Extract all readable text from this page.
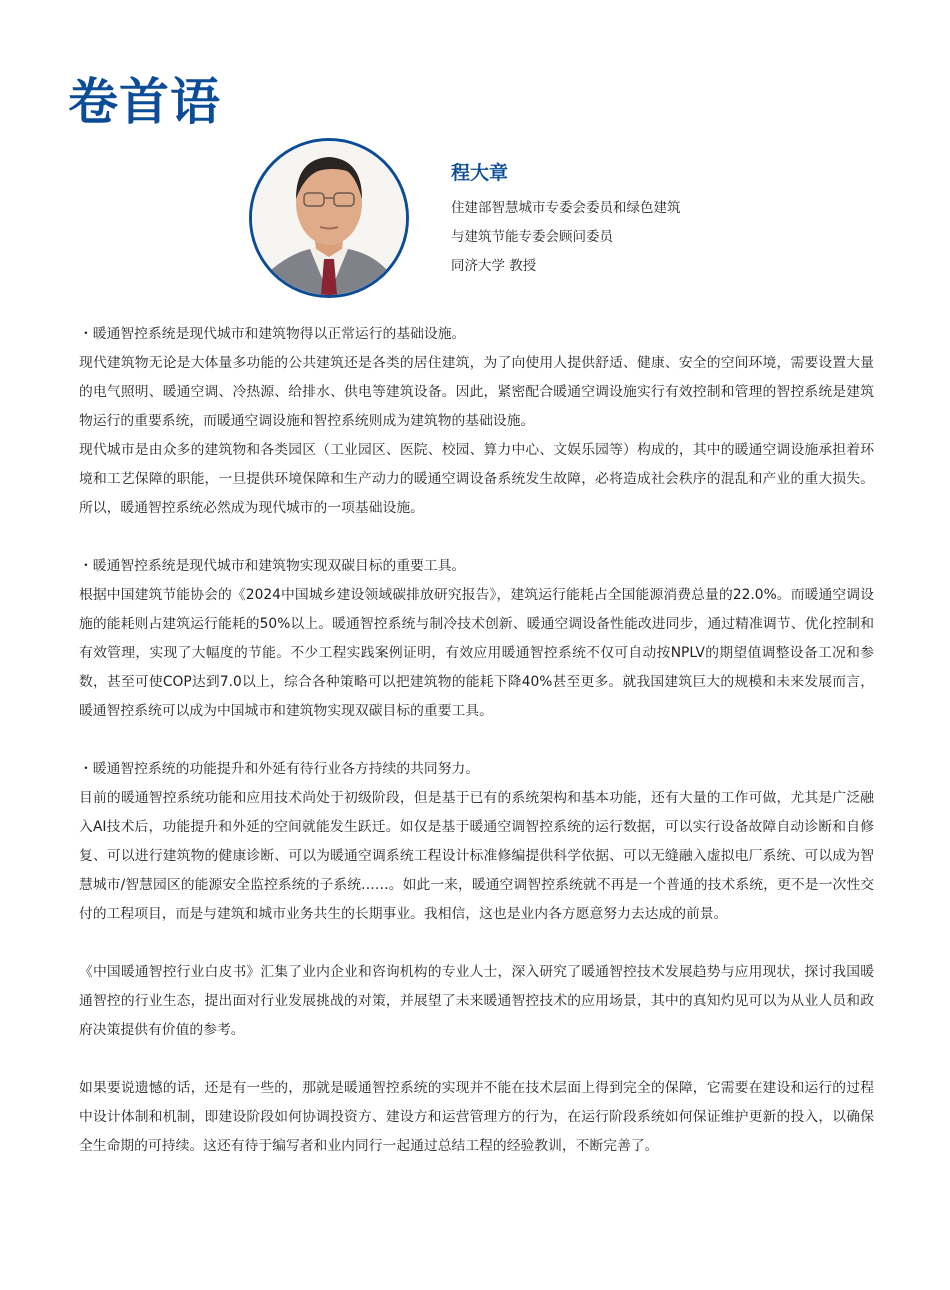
卷首语
程大章
住建部智慧城市专委会委员和绿色建筑
与建筑节能专委会顾问委员
同济大学 教授

・暖通智控系统是现代城市和建筑物得以正常运行的基础设施。

现代建筑物无论是大体量多功能的公共建筑还是各类的居住建筑，为了向使用人提供舒适、健康、安全的空间环境，需要设置大量的电气照明、暖通空调、冷热源、给排水、供电等建筑设备。因此，紧密配合暖通空调设施实行有效控制和管理的智控系统是建筑物运行的重要系统，而暖通空调设施和智控系统则成为建筑物的基础设施。

现代城市是由众多的建筑物和各类园区（工业园区、医院、校园、算力中心、文娱乐园等）构成的，其中的暖通空调设施承担着环境和工艺保障的职能，一旦提供环境保障和生产动力的暖通空调设备系统发生故障，必将造成社会秩序的混乱和产业的重大损失。所以，暖通智控系统必然成为现代城市的一项基础设施。

・暖通智控系统是现代城市和建筑物实现双碳目标的重要工具。

根据中国建筑节能协会的《2024中国城乡建设领域碳排放研究报告》，建筑运行能耗占全国能源消费总量的22.0%。而暖通空调设施的能耗则占建筑运行能耗的50%以上。暖通智控系统与制冷技术创新、暖通空调设备性能改进同步，通过精准调节、优化控制和有效管理，实现了大幅度的节能。不少工程实践案例证明，有效应用暖通智控系统不仅可自动按NPLV的期望值调整设备工况和参数，甚至可使COP达到7.0以上，综合各种策略可以把建筑物的能耗下降40%甚至更多。就我国建筑巨大的规模和未来发展而言，暖通智控系统可以成为中国城市和建筑物实现双碳目标的重要工具。

・暖通智控系统的功能提升和外延有待行业各方持续的共同努力。

目前的暖通智控系统功能和应用技术尚处于初级阶段，但是基于已有的系统架构和基本功能，还有大量的工作可做，尤其是广泛融入AI技术后，功能提升和外延的空间就能发生跃迁。如仅是基于暖通空调智控系统的运行数据，可以实行设备故障自动诊断和自修复、可以进行建筑物的健康诊断、可以为暖通空调系统工程设计标准修编提供科学依据、可以无缝融入虚拟电厂系统、可以成为智慧城市/智慧园区的能源安全监控系统的子系统……。如此一来，暖通空调智控系统就不再是一个普通的技术系统，更不是一次性交付的工程项目，而是与建筑和城市业务共生的长期事业。我相信，这也是业内各方愿意努力去达成的前景。

《中国暖通智控行业白皮书》汇集了业内企业和咨询机构的专业人士，深入研究了暖通智控技术发展趋势与应用现状，探讨我国暖通智控的行业生态，提出面对行业发展挑战的对策，并展望了未来暖通智控技术的应用场景，其中的真知灼见可以为从业人员和政府决策提供有价值的参考。

如果要说遗憾的话，还是有一些的，那就是暖通智控系统的实现并不能在技术层面上得到完全的保障，它需要在建设和运行的过程中设计体制和机制，即建设阶段如何协调投资方、建设方和运营管理方的行为，在运行阶段系统如何保证维护更新的投入，以确保全生命期的可持续。这还有待于编写者和业内同行一起通过总结工程的经验教训，不断完善了。
